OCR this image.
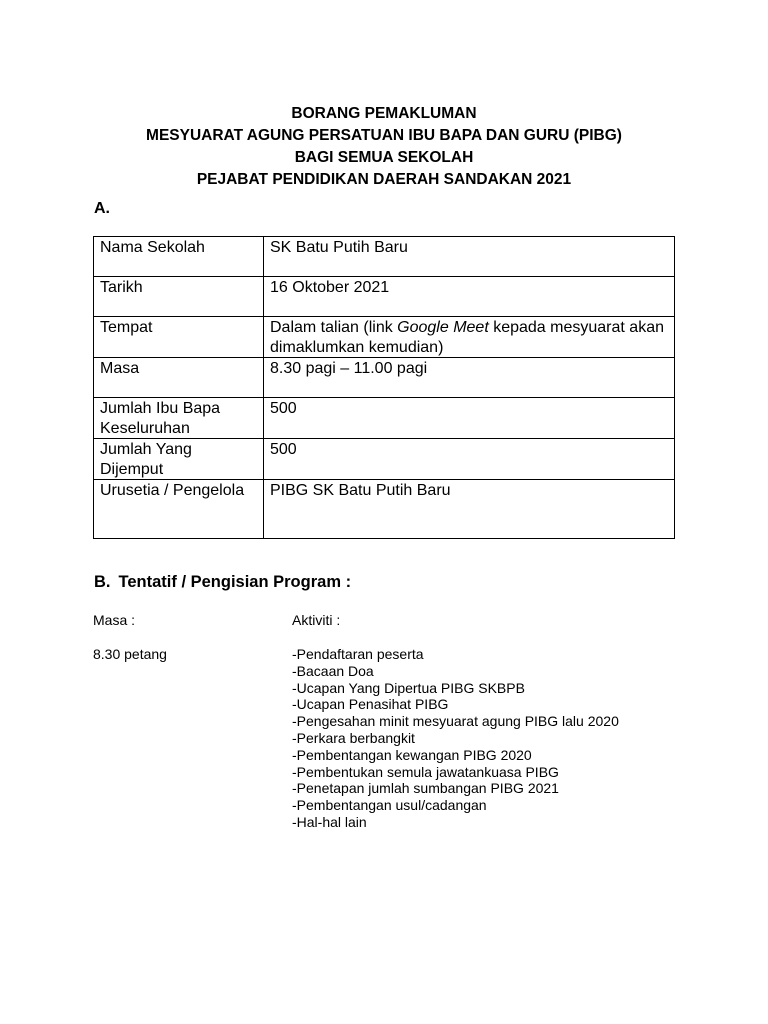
BORANG PEMAKLUMAN
MESYUARAT AGUNG PERSATUAN IBU BAPA DAN GURU (PIBG)
BAGI SEMUA SEKOLAH
PEJABAT PENDIDIKAN DAERAH SANDAKAN 2021
A.
Nama Sekolah	SK Batu Putih Baru
Tarikh	16 Oktober 2021
Tempat	Dalam talian (link Google Meet kepada mesyuarat akan dimaklumkan kemudian)
Masa	8.30 pagi – 11.00 pagi
Jumlah Ibu Bapa Keseluruhan	500
Jumlah Yang Dijemput	500
Urusetia / Pengelola	PIBG SK Batu Putih Baru
B. Tentatif / Pengisian Program :
Masa :	Aktiviti :
8.30 petang	-Pendaftaran peserta
-Bacaan Doa
-Ucapan Yang Dipertua PIBG SKBPB
-Ucapan Penasihat PIBG
-Pengesahan minit mesyuarat agung PIBG lalu 2020
-Perkara berbangkit
-Pembentangan kewangan PIBG 2020
-Pembentukan semula jawatankuasa PIBG
-Penetapan jumlah sumbangan PIBG 2021
-Pembentangan usul/cadangan
-Hal-hal lain
